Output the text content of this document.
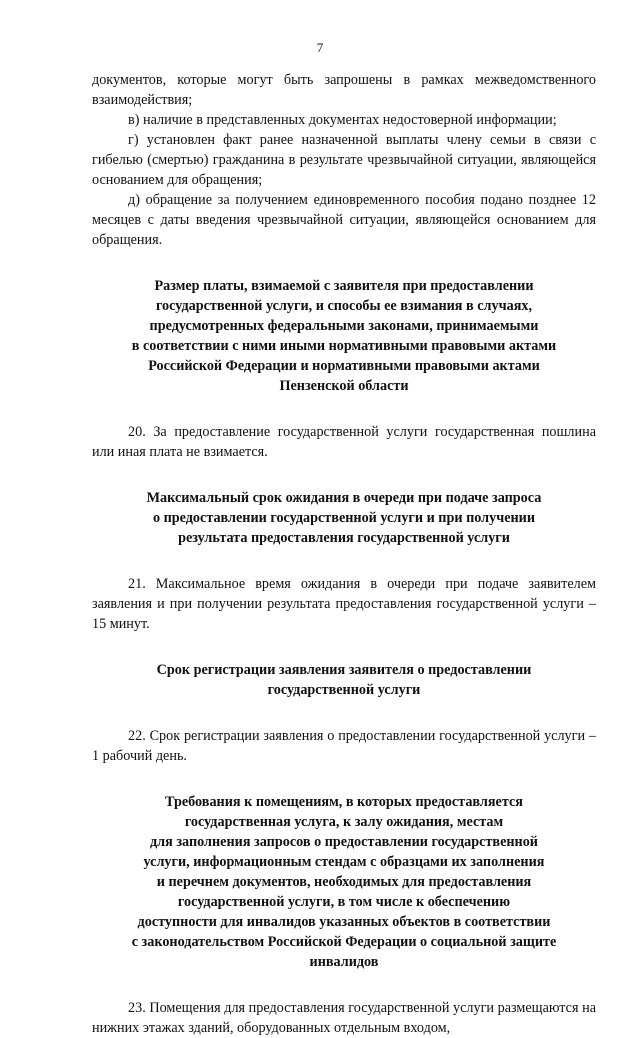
7

документов, которые могут быть запрошены в рамках межведомственного взаимодействия;

в) наличие в представленных документах недостоверной информации;

г) установлен факт ранее назначенной выплаты члену семьи в связи с гибелью (смертью) гражданина в результате чрезвычайной ситуации, являющейся основанием для обращения;

д) обращение за получением единовременного пособия подано позднее 12 месяцев с даты введения чрезвычайной ситуации, являющейся основанием для обращения.

Размер платы, взимаемой с заявителя при предоставлении
государственной услуги, и способы ее взимания в случаях,
предусмотренных федеральными законами, принимаемыми
в соответствии с ними иными нормативными правовыми актами
Российской Федерации и нормативными правовыми актами
Пензенской области

20. За предоставление государственной услуги государственная пошлина или иная плата не взимается.

Максимальный срок ожидания в очереди при подаче запроса
о предоставлении государственной услуги и при получении
результата предоставления государственной услуги

21. Максимальное время ожидания в очереди при подаче заявителем заявления и при получении результата предоставления государственной услуги – 15 минут.

Срок регистрации заявления заявителя о предоставлении
государственной услуги

22. Срок регистрации заявления о предоставлении государственной услуги – 1 рабочий день.

Требования к помещениям, в которых предоставляется
государственная услуга, к залу ожидания, местам
для заполнения запросов о предоставлении государственной
услуги, информационным стендам с образцами их заполнения
и перечнем документов, необходимых для предоставления
государственной услуги, в том числе к обеспечению
доступности для инвалидов указанных объектов в соответствии
с законодательством Российской Федерации о социальной защите
инвалидов

23. Помещения для предоставления государственной услуги размещаются на нижних этажах зданий, оборудованных отдельным входом,
